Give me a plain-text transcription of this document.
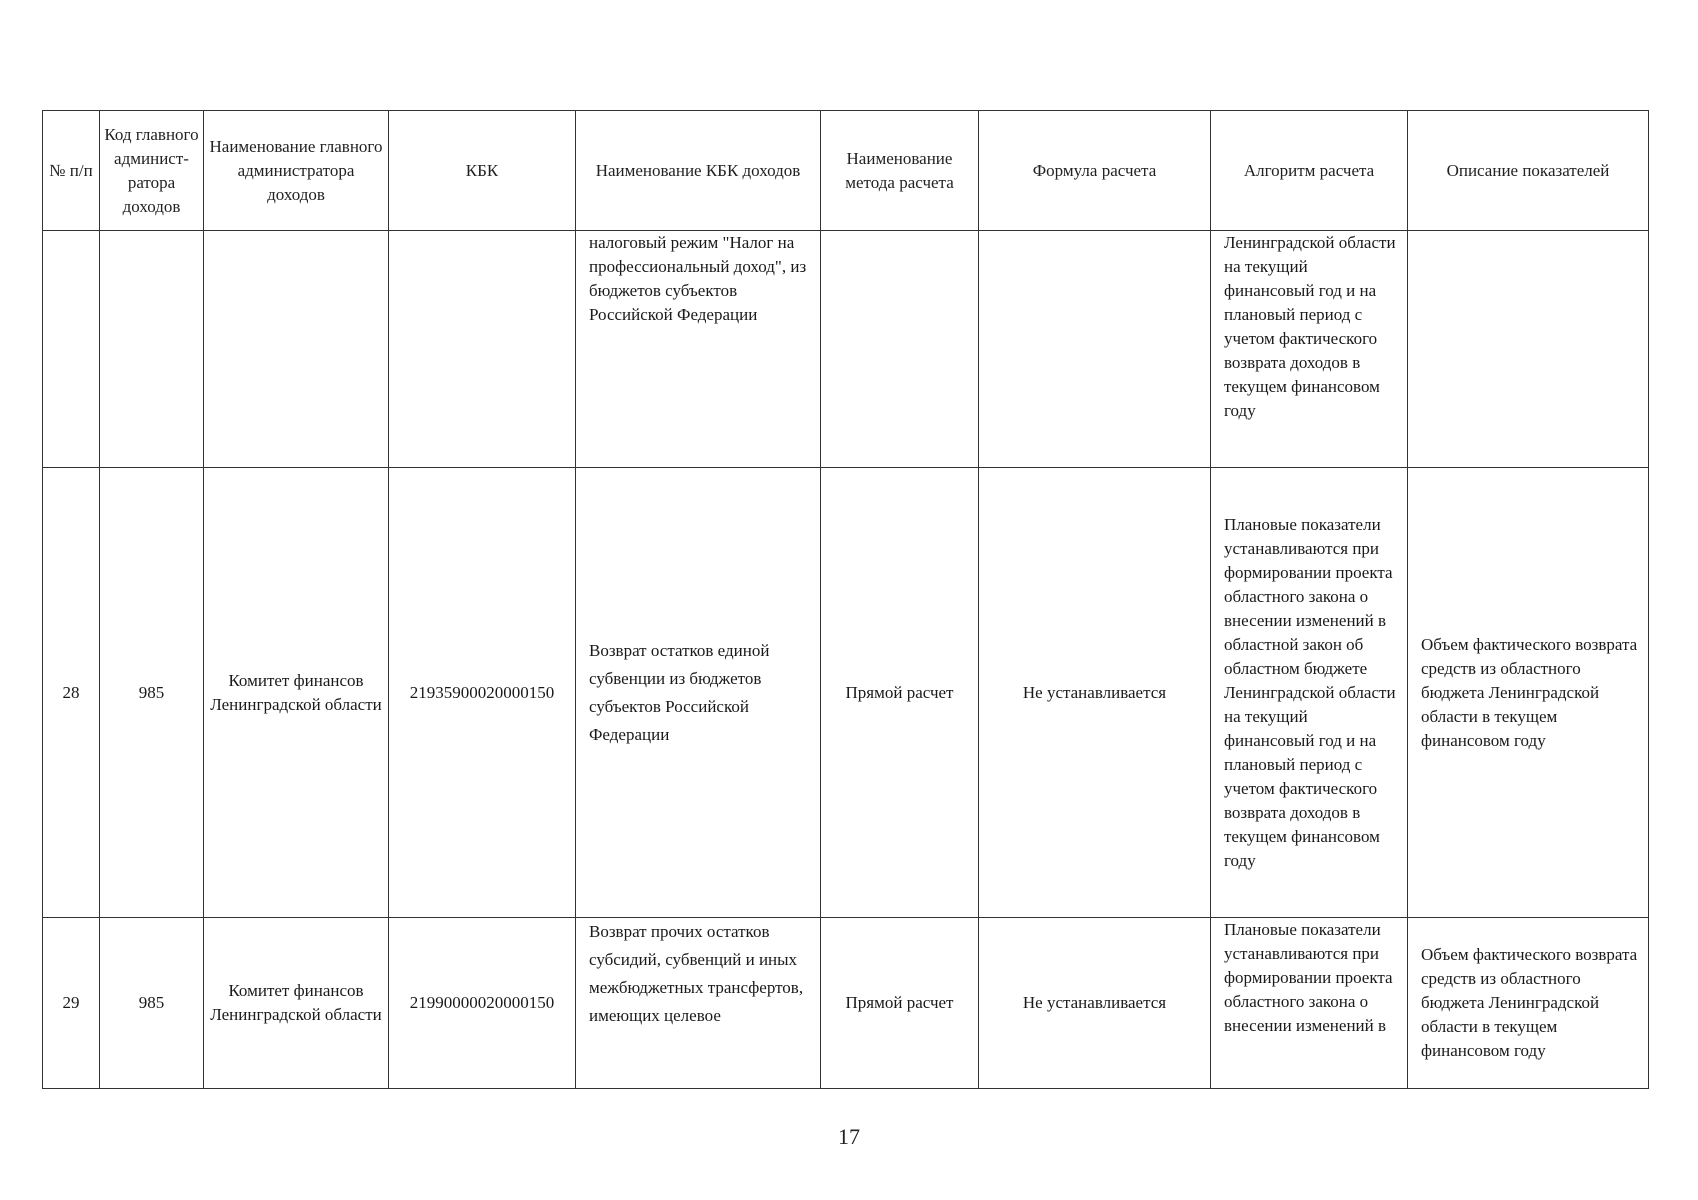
№ п/п	Код главного админист-ратора доходов	Наименование главного администратора доходов	КБК	Наименование КБК доходов	Наименование метода расчета	Формула расчета	Алгоритм расчета	Описание показателей
				налоговый режим "Налог на профессиональный доход", из бюджетов субъектов Российской Федерации			Ленинградской области на текущий финансовый год и на плановый период с учетом фактического возврата доходов в текущем финансовом году	
28	985	Комитет финансов Ленинградской области	21935900020000150	Возврат остатков единой субвенции из бюджетов субъектов Российской Федерации	Прямой расчет	Не устанавливается	Плановые показатели устанавливаются при формировании проекта областного закона о внесении изменений в областной закон об областном бюджете Ленинградской области на текущий финансовый год и на плановый период с учетом фактического возврата доходов в текущем финансовом году	Объем фактического возврата средств из областного бюджета Ленинградской области в текущем финансовом году
29	985	Комитет финансов Ленинградской области	21990000020000150	Возврат прочих остатков субсидий, субвенций и иных межбюджетных трансфертов, имеющих целевое	Прямой расчет	Не устанавливается	Плановые показатели устанавливаются при формировании проекта областного закона о внесении изменений в	Объем фактического возврата средств из областного бюджета Ленинградской области в текущем финансовом году
17
